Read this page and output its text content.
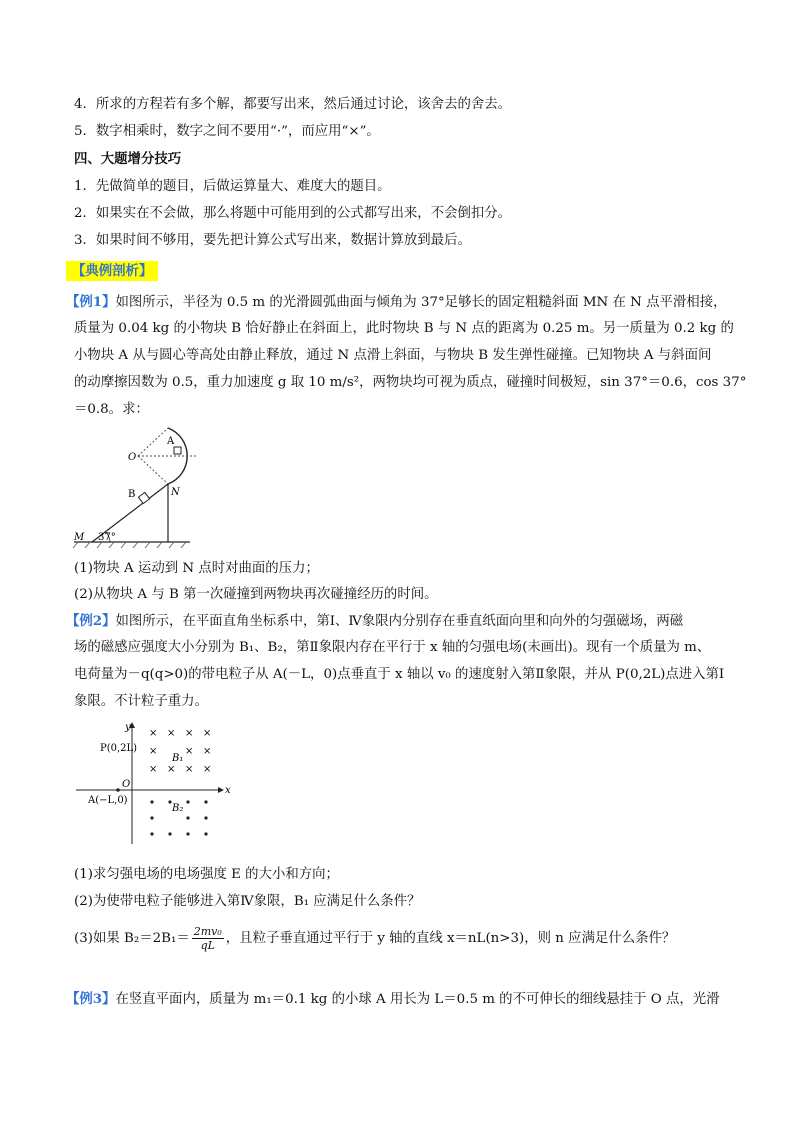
4．所求的方程若有多个解，都要写出来，然后通过讨论，该舍去的舍去。
5．数字相乘时，数字之间不要用“·”，而应用“×”。
四、大题增分技巧
1．先做简单的题目，后做运算量大、难度大的题目。
2．如果实在不会做，那么将题中可能用到的公式都写出来，不会倒扣分。
3．如果时间不够用，要先把计算公式写出来，数据计算放到最后。
【典例剖析】
【例1】如图所示，半径为 0.5 m 的光滑圆弧曲面与倾角为 37°足够长的固定粗糙斜面 MN 在 N 点平滑相接，
质量为 0.04 kg 的小物块 B 恰好静止在斜面上，此时物块 B 与 N 点的距离为 0.25 m。另一质量为 0.2 kg 的
小物块 A 从与圆心等高处由静止释放，通过 N 点滑上斜面，与物块 B 发生弹性碰撞。已知物块 A 与斜面间
的动摩擦因数为 0.5，重力加速度 g 取 10 m/s²，两物块均可视为质点，碰撞时间极短，sin 37°＝0.6，cos 37°
＝0.8。求：
A
O
B	N
M 37°
(1)物块 A 运动到 N 点时对曲面的压力；
(2)从物块 A 与 B 第一次碰撞到两物块再次碰撞经历的时间。
【例2】如图所示，在平面直角坐标系中，第Ⅰ、Ⅳ象限内分别存在垂直纸面向里和向外的匀强磁场，两磁
场的磁感应强度大小分别为 B₁、B₂，第Ⅱ象限内存在平行于 x 轴的匀强电场(未画出)。现有一个质量为 m、
电荷量为－q(q>0)的带电粒子从 A(－L，0)点垂直于 x 轴以 v₀ 的速度射入第Ⅱ象限，并从 P(0,2L)点进入第Ⅰ
象限。不计粒子重力。
x
y
O
P(0,2L)
A(−L,0)
× × × ×
×	× ×
× × × ×
B₁
B₂
(1)求匀强电场的电场强度 E 的大小和方向；
(2)为使带电粒子能够进入第Ⅳ象限，B₁ 应满足什么条件？
(3)如果 $B_2=2B_1= \frac{\text{2mv₀}}{qL}$ ，且粒子垂直通过平行于 y 轴的直线 x＝nL(n>3)，则 n 应满足什么条件？
【例3】在竖直平面内，质量为 m₁＝0.1 kg 的小球 A 用长为 L＝0.5 m 的不可伸长的细线悬挂于 O 点，光滑
